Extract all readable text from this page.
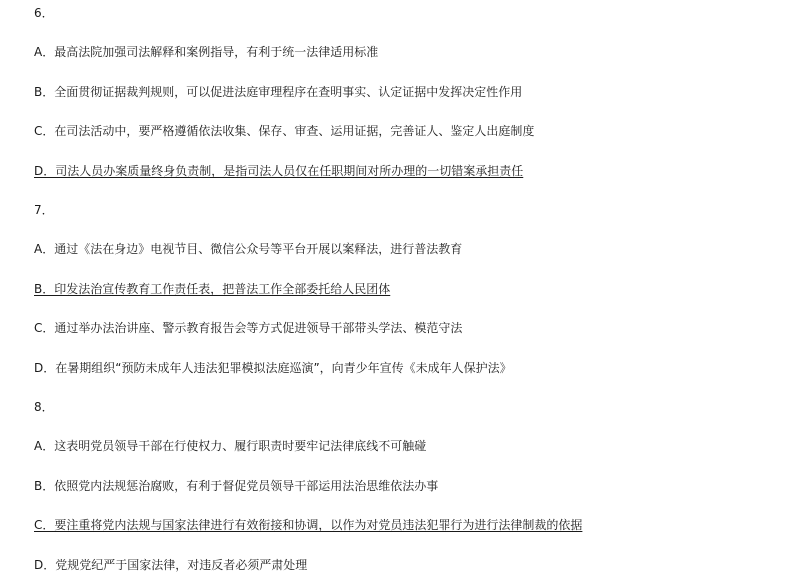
6．
A．最高法院加强司法解释和案例指导，有利于统一法律适用标准
B．全面贯彻证据裁判规则，可以促进法庭审理程序在查明事实、认定证据中发挥决定性作用
C．在司法活动中，要严格遵循依法收集、保存、审查、运用证据，完善证人、鉴定人出庭制度
D．司法人员办案质量终身负责制，是指司法人员仅在任职期间对所办理的一切错案承担责任
7．
A．通过《法在身边》电视节目、微信公众号等平台开展以案释法，进行普法教育
B．印发法治宣传教育工作责任表，把普法工作全部委托给人民团体
C．通过举办法治讲座、警示教育报告会等方式促进领导干部带头学法、模范守法
D．在暑期组织“预防未成年人违法犯罪模拟法庭巡演”，向青少年宣传《未成年人保护法》
8．
A．这表明党员领导干部在行使权力、履行职责时要牢记法律底线不可触碰
B．依照党内法规惩治腐败，有利于督促党员领导干部运用法治思维依法办事
C．要注重将党内法规与国家法律进行有效衔接和协调，以作为对党员违法犯罪行为进行法律制裁的依据
D．党规党纪严于国家法律，对违反者必须严肃处理
